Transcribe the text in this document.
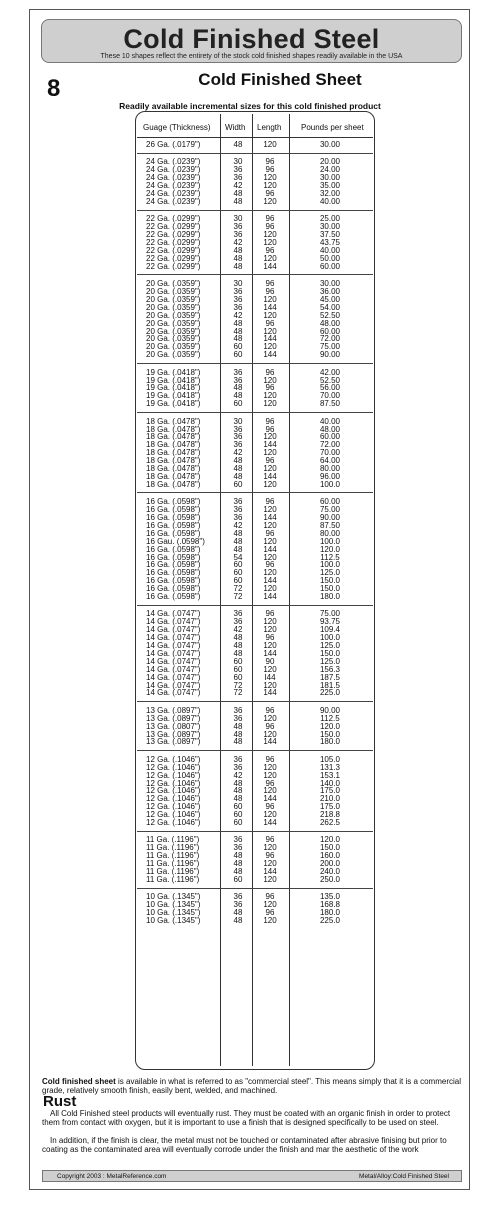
Cold Finished Steel
These 10 shapes reflect the entirety of the stock cold finished shapes readily available in the USA
8	Cold Finished Sheet
Readily available incremental sizes for this cold finished product
Guage (Thickness) Width Length Pounds per sheet
26 Ga. (.0179")	48	120	30.00
24 Ga. (.0239")	30	96	20.00
24 Ga. (.0239")	36	96	24.00
24 Ga. (.0239")	36	120	30.00
24 Ga. (.0239")	42	120	35.00
24 Ga. (.0239")	48	96	32.00
24 Ga. (.0239")	48	120	40.00
22 Ga. (.0299")	30	96	25.00
22 Ga. (.0299")	36	96	30.00
22 Ga. (.0299")	36	120	37.50
22 Ga. (.0299")	42	120	43.75
22 Ga. (.0299")	48	96	40.00
22 Ga. (.0299")	48	120	50.00
22 Ga. (.0299")	48	144	60.00
20 Ga. (.0359")	30	96	30.00
20 Ga. (.0359")	36	96	36.00
20 Ga. (.0359")	36	120	45.00
20 Ga. (.0359")	36	144	54.00
20 Ga. (.0359")	42	120	52.50
20 Ga. (.0359")	48	96	48.00
20 Ga. (.0359")	48	120	60.00
20 Ga. (.0359")	48	144	72.00
20 Ga. (.0359")	60	120	75.00
20 Ga. (.0359")	60	144	90.00
19 Ga. (.0418")	36	96	42.00
19 Ga. (.0418")	36	120	52.50
19 Ga. (.0418")	48	96	56.00
19 Ga. (.0418")	48	120	70.00
19 Ga. (.0418")	60	120	87.50
18 Ga. (.0478")	30	96	40.00
18 Ga. (.0478")	36	96	48.00
18 Ga. (.0478")	36	120	60.00
18 Ga. (.0478")	36	144	72.00
18 Ga. (.0478")	42	120	70.00
18 Ga. (.0478")	48	96	64.00
18 Ga. (.0478")	48	120	80.00
18 Ga. (.0478")	48	144	96.00
18 Ga. (.0478")	60	120	100.0
16 Ga. (.0598")	36	96	60.00
16 Ga. (.0598")	36	120	75.00
16 Ga. (.0598")	36	144	90.00
16 Ga. (.0598")	42	120	87.50
16 Ga. (.0598")	48	96	80.00
16 Gau. (.0598")	48	120	100.0
16 Ga. (.0598")	48	144	120.0
16 Ga. (.0598")	54	120	112.5
16 Ga. (.0598")	60	96	100.0
16 Ga. (.0598")	60	120	125.0
16 Ga. (.0598")	60	144	150.0
16 Ga. (.0598")	72	120	150.0
16 Ga. (.0598")	72	144	180.0
14 Ga. (.0747")	36	96	75.00
14 Ga. (.0747")	36	120	93.75
14 Ga. (.0747")	42	120	109.4
14 Ga. (.0747")	48	96	100.0
14 Ga. (.0747")	48	120	125.0
14 Ga. (.0747")	48	144	150.0
14 Ga. (.0747")	60	90	125.0
14 Ga. (.0747")	60	120	156.3
14 Ga. (.0747")	60	I44	187.5
14 Ga. (.0747")	72	120	181.5
14 Ga. (.0747")	72	144	225.0
13 Ga. (.0897")	36	96	90.00
13 Ga. (.0897")	36	120	112.5
13 Ga. (.0807")	48	96	120.0
13 Ga. (.0897")	48	120	150.0
13 Ga. (.0897")	48	144	180.0
12 Ga. (.1046")	36	96	105.0
12 Ga. (.1046")	36	120	131.3
12 Ga. (.1046")	42	120	153.1
12 Ga. (.1046")	48	96	140.0
12 Ga. (.1046")	48	120	175.0
12 Ga. (.1046")	48	144	210.0
12 Ga. (.1046")	60	96	175.0
12 Ga. (.1046")	60	120	218.8
12 Ga. (.1046")	60	144	262.5
11 Ga. (.1196")	36	96	120.0
11 Ga. (.1196")	36	120	150.0
11 Ga. (.1196")	48	96	160.0
11 Ga. (.1196")	48	120	200.0
11 Ga. (.1196")	48	144	240.0
11 Ga. (.1196")	60	120	250.0
10 Ga. (.1345")	36	96	135.0
10 Ga. (.1345")	36	120	168.8
10 Ga. (.1345")	48	96	180.0
10 Ga. (.1345")	48	120	225.0
Cold finished sheet is available in what is referred to as "commercial steel". This means simply that it is a commercial grade, relatively smooth finish, easily bent, welded, and machined.
Rust
All Cold Finished steel products will eventually rust. They must be coated with an organic finish in order to protect them from contact with oxygen, but it is important to use a finish that is designed specifically to be used on steel.
In addition, if the finish is clear, the metal must not be touched or contaminated after abrasive finising but prior to coating as the contaminated area will eventually corrode under the finish and mar the aesthetic of the work
Copyright 2003 : MetalReference.com	Metal/Alloy:Cold Finished Steel
